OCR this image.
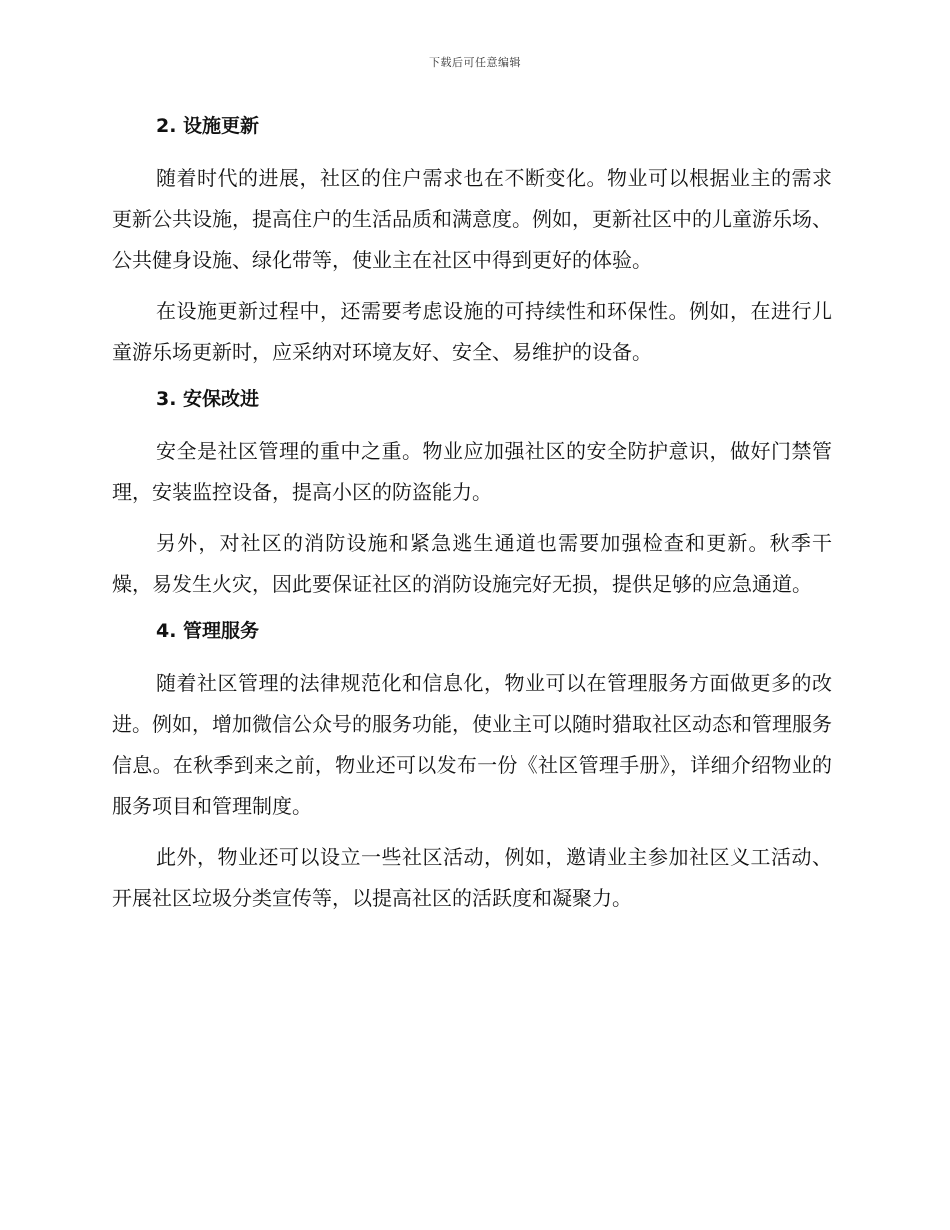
下载后可任意编辑
2. 设施更新

随着时代的进展，社区的住户需求也在不断变化。物业可以根据业主的需求更新公共设施，提高住户的生活品质和满意度。例如，更新社区中的儿童游乐场、公共健身设施、绿化带等，使业主在社区中得到更好的体验。

在设施更新过程中，还需要考虑设施的可持续性和环保性。例如，在进行儿童游乐场更新时，应采纳对环境友好、安全、易维护的设备。

3. 安保改进

安全是社区管理的重中之重。物业应加强社区的安全防护意识，做好门禁管理，安装监控设备，提高小区的防盗能力。

另外，对社区的消防设施和紧急逃生通道也需要加强检查和更新。秋季干燥，易发生火灾，因此要保证社区的消防设施完好无损，提供足够的应急通道。

4. 管理服务

随着社区管理的法律规范化和信息化，物业可以在管理服务方面做更多的改进。例如，增加微信公众号的服务功能，使业主可以随时猎取社区动态和管理服务信息。在秋季到来之前，物业还可以发布一份《社区管理手册》，详细介绍物业的服务项目和管理制度。

此外，物业还可以设立一些社区活动，例如，邀请业主参加社区义工活动、开展社区垃圾分类宣传等，以提高社区的活跃度和凝聚力。
